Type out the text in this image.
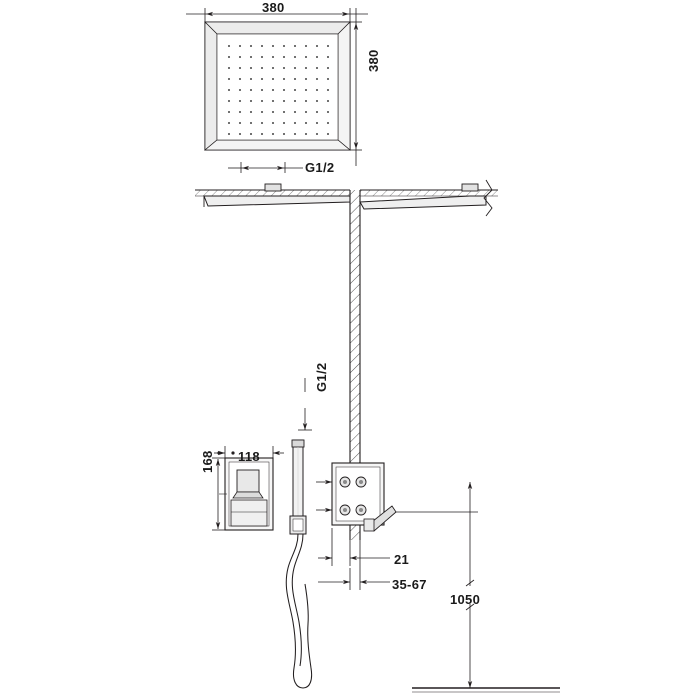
380
380
G1/2
G1/2
118
168
21
35-67
1050
